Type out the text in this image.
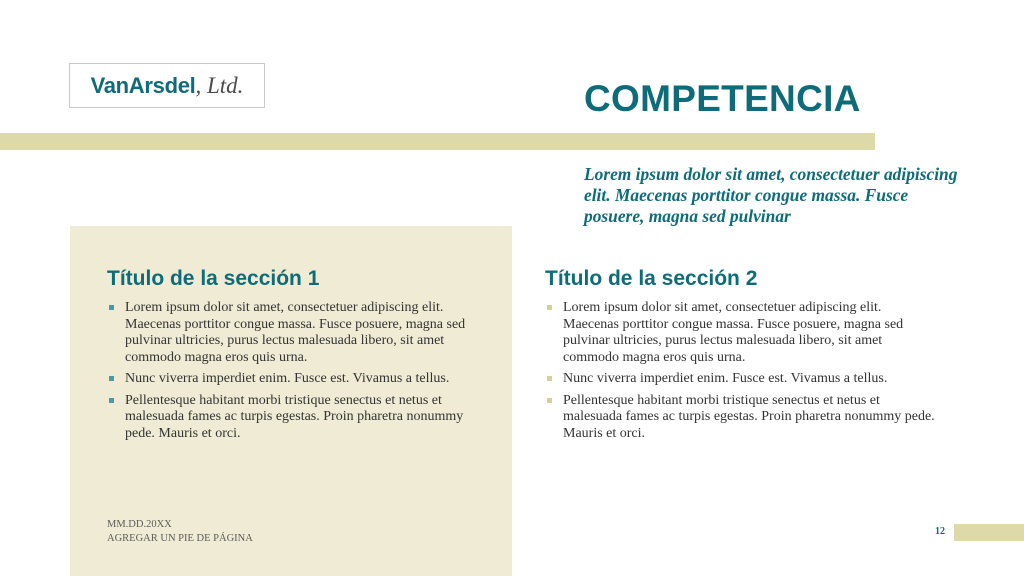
VanArsdel , Ltd.	COMPETENCIA

Lorem ipsum dolor sit amet, consectetuer adipiscing elit. Maecenas porttitor congue massa. Fusce posuere, magna sed pulvinar

Título de la sección 1
Lorem ipsum dolor sit amet, consectetuer adipiscing elit. Maecenas porttitor congue massa. Fusce posuere, magna sed pulvinar ultricies, purus lectus malesuada libero, sit amet commodo magna eros quis urna.
Nunc viverra imperdiet enim. Fusce est. Vivamus a tellus.
Pellentesque habitant morbi tristique senectus et netus et malesuada fames ac turpis egestas. Proin pharetra nonummy pede. Mauris et orci.
Título de la sección 2
Lorem ipsum dolor sit amet, consectetuer adipiscing elit. Maecenas porttitor congue massa. Fusce posuere, magna sed pulvinar ultricies, purus lectus malesuada libero, sit amet commodo magna eros quis urna.
Nunc viverra imperdiet enim. Fusce est. Vivamus a tellus.
Pellentesque habitant morbi tristique senectus et netus et malesuada fames ac turpis egestas. Proin pharetra nonummy pede. Mauris et orci.
MM.DD.20XX
AGREGAR UN PIE DE PÁGINA
12
